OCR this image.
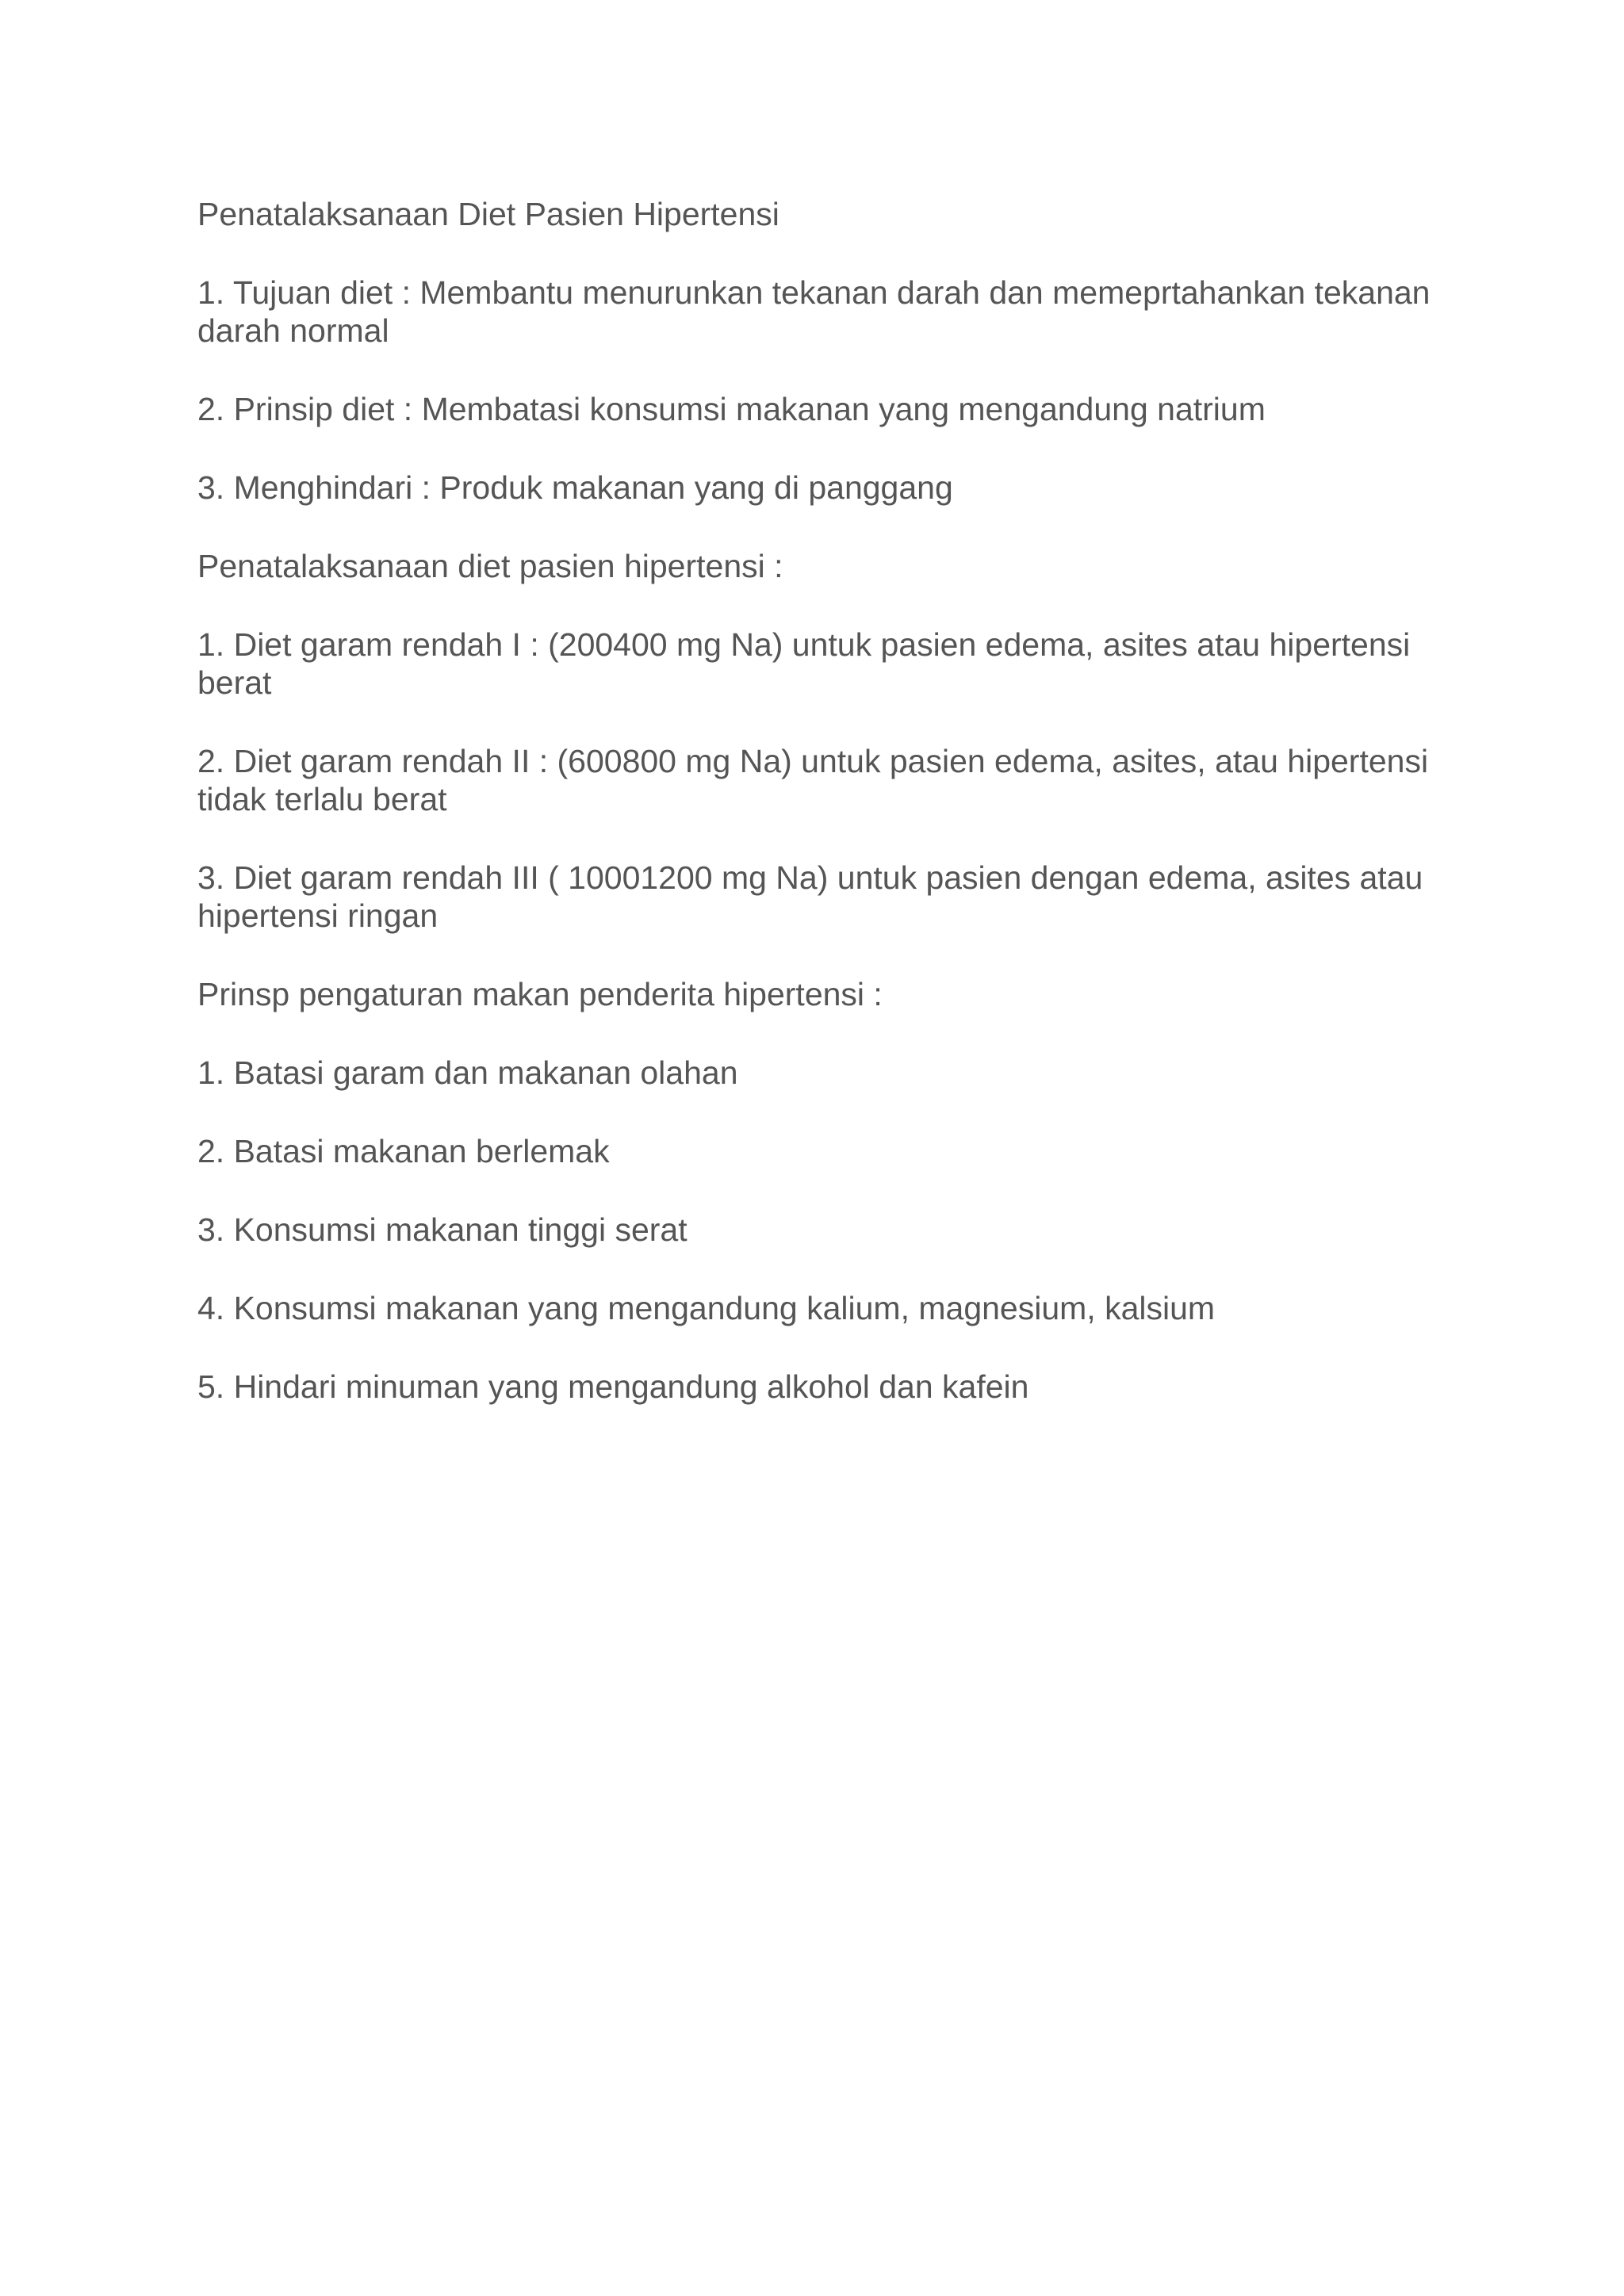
Penatalaksanaan Diet Pasien Hipertensi

1. Tujuan diet : Membantu menurunkan tekanan darah dan memeprtahankan tekanan darah normal

2. Prinsip diet : Membatasi konsumsi makanan yang mengandung natrium

3. Menghindari : Produk makanan yang di panggang

Penatalaksanaan diet pasien hipertensi :

1. Diet garam rendah I : (200400 mg Na) untuk pasien edema, asites atau hipertensi berat

2. Diet garam rendah II : (600800 mg Na) untuk pasien edema, asites, atau hipertensi tidak terlalu berat

3. Diet garam rendah III ( 10001200 mg Na) untuk pasien dengan edema, asites atau hipertensi ringan

Prinsp pengaturan makan penderita hipertensi :

1. Batasi garam dan makanan olahan

2. Batasi makanan berlemak

3. Konsumsi makanan tinggi serat

4. Konsumsi makanan yang mengandung kalium, magnesium, kalsium

5. Hindari minuman yang mengandung alkohol dan kafein
